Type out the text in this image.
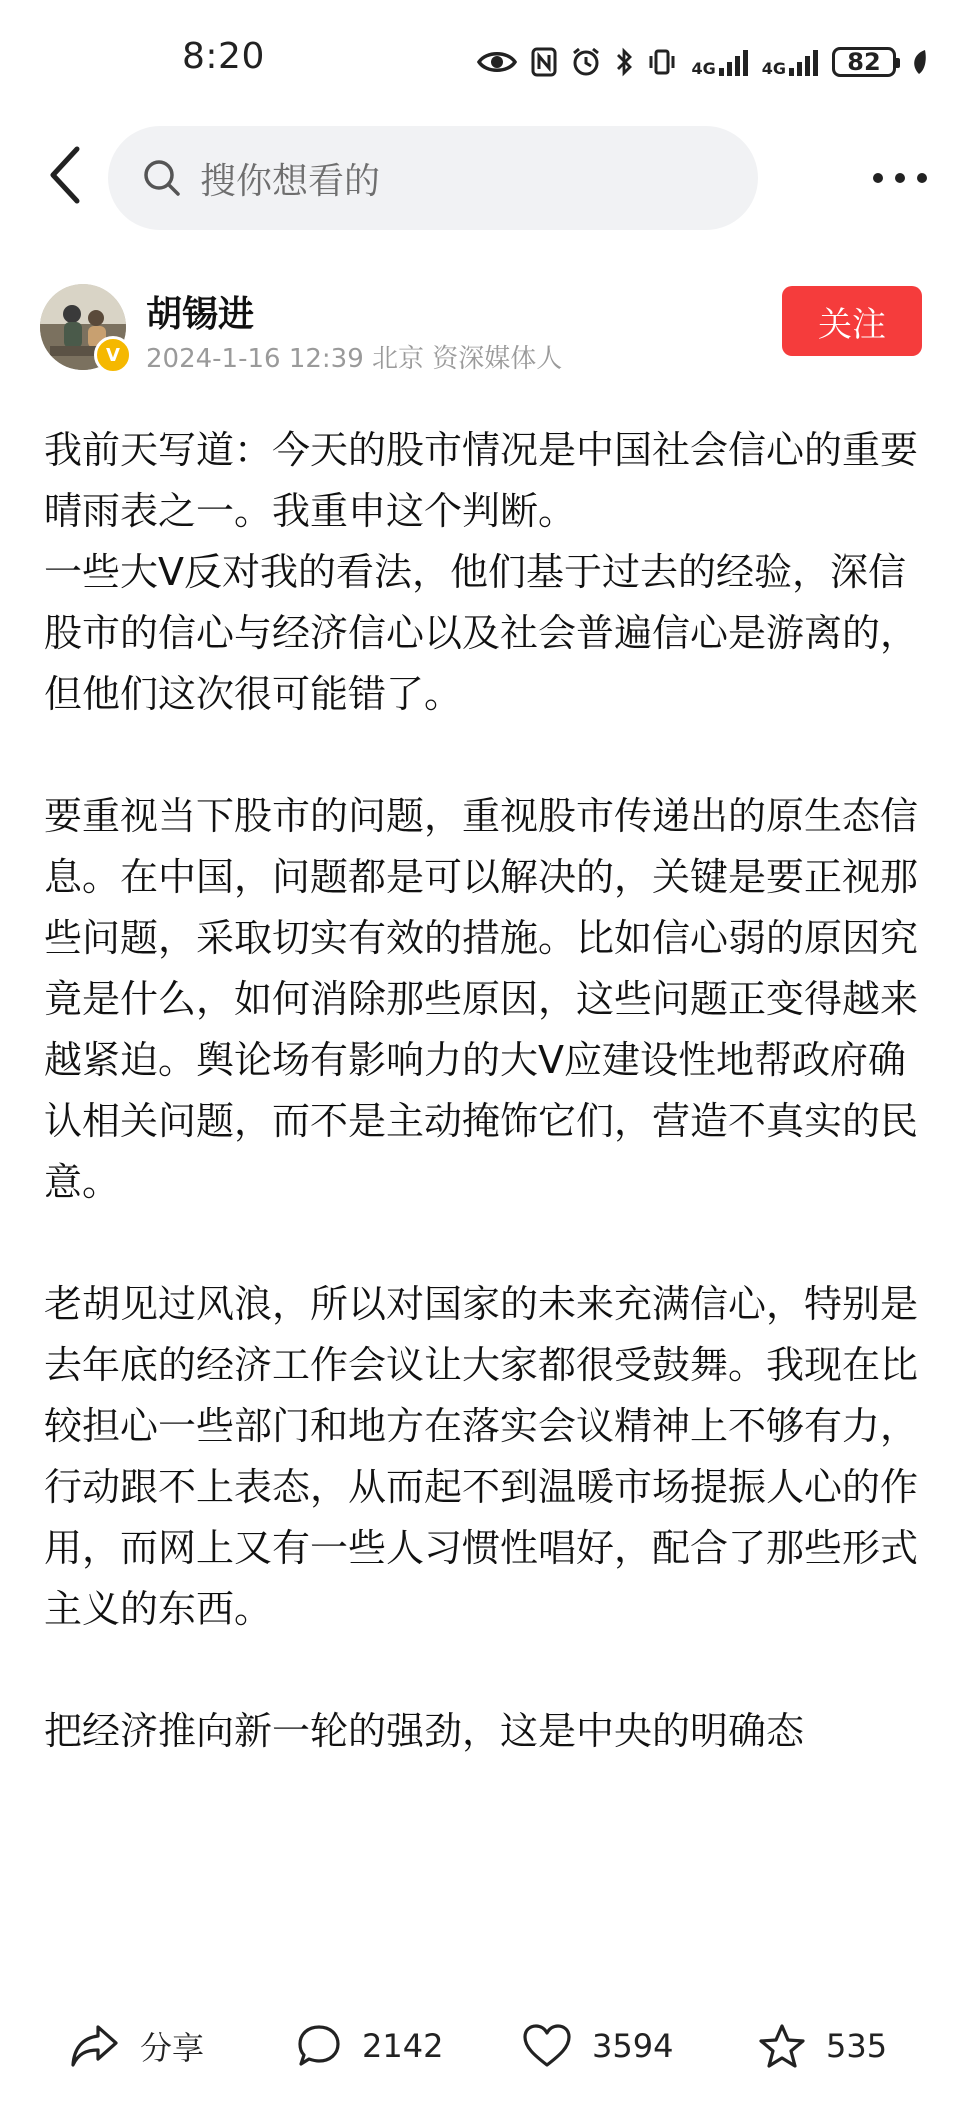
8:20	4G	4G	82
搜你想看的
V
胡锡进
2024-1-16 12:39 北京 资深媒体人
关注

我前天写道：今天的股市情况是中国社会信心的重要晴雨表之一。我重申这个判断。
一些大V反对我的看法，他们基于过去的经验，深信股市的信心与经济信心以及社会普遍信心是游离的，但他们这次很可能错了。

要重视当下股市的问题，重视股市传递出的原生态信息。在中国，问题都是可以解决的，关键是要正视那些问题，采取切实有效的措施。比如信心弱的原因究竟是什么，如何消除那些原因，这些问题正变得越来越紧迫。舆论场有影响力的大V应建设性地帮政府确认相关问题，而不是主动掩饰它们，营造不真实的民意。

老胡见过风浪，所以对国家的未来充满信心，特别是去年底的经济工作会议让大家都很受鼓舞。我现在比较担心一些部门和地方在落实会议精神上不够有力，行动跟不上表态，从而起不到温暖市场提振人心的作用，而网上又有一些人习惯性唱好，配合了那些形式主义的东西。

把经济推向新一轮的强劲，这是中央的明确态

分享	2142	3594	535
